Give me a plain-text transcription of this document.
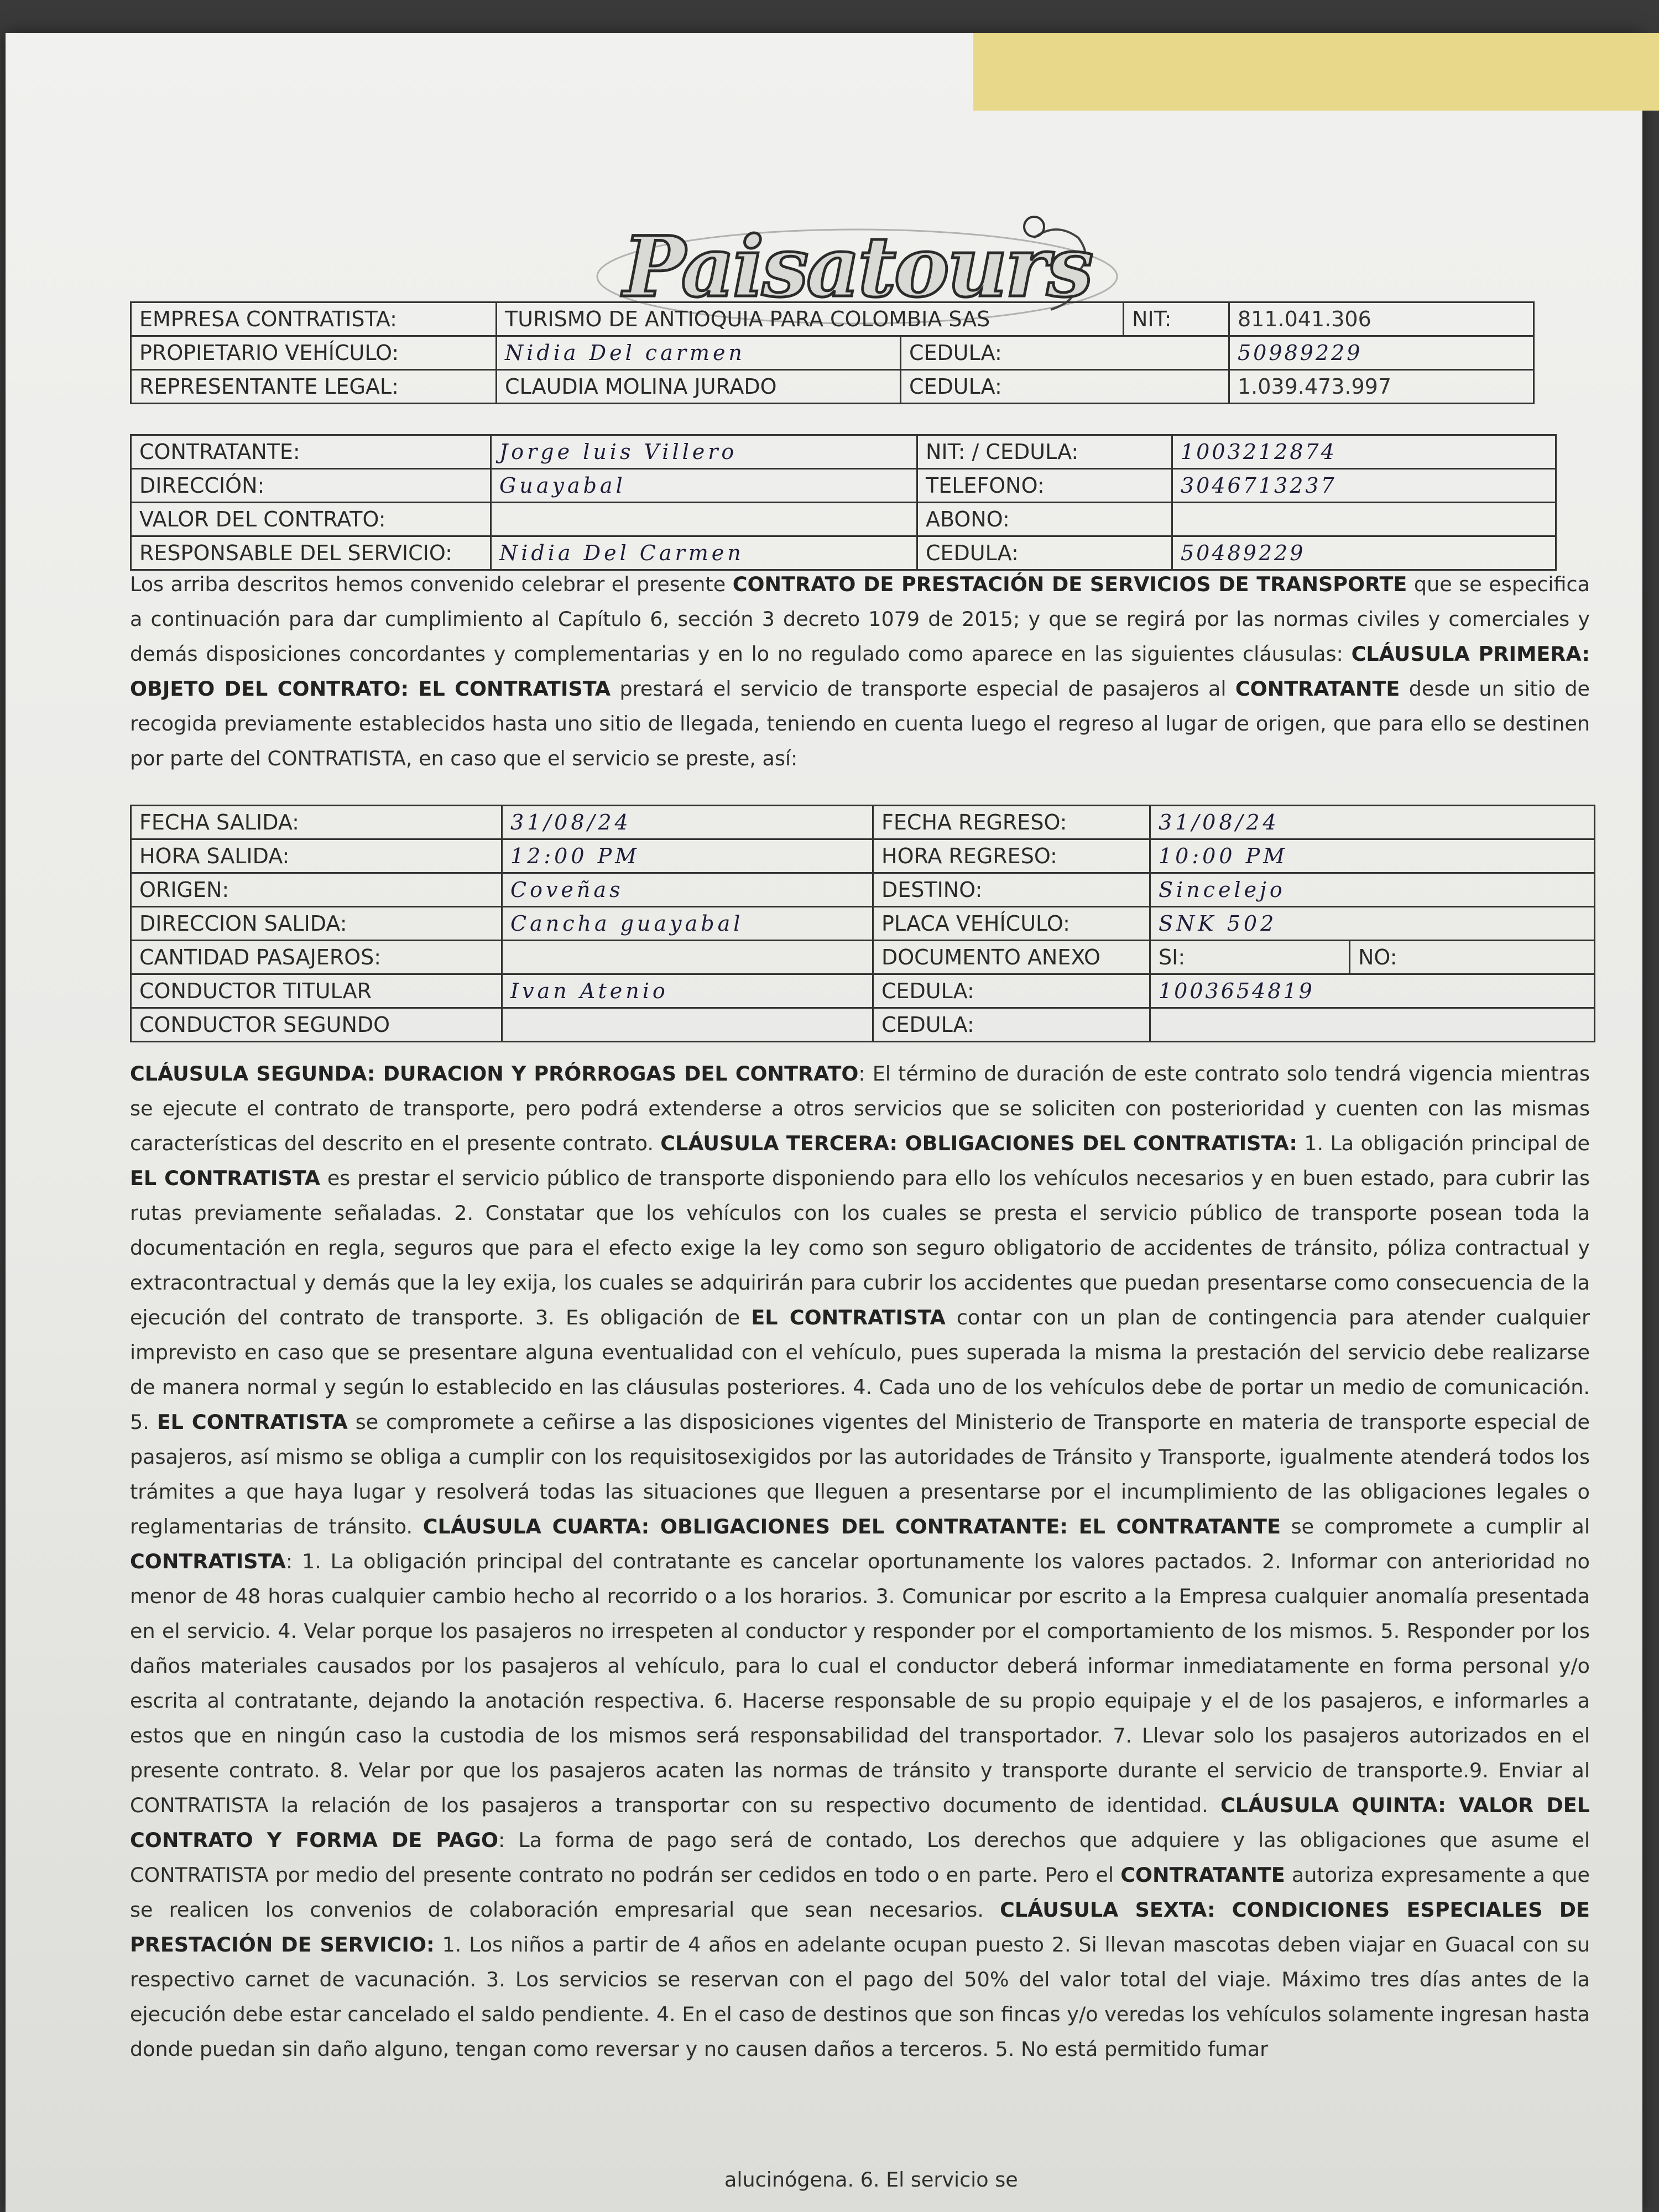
Paisatours
EMPRESA CONTRATISTA:	TURISMO DE ANTIOQUIA PARA COLOMBIA SAS		NIT:	811.041.306
PROPIETARIO VEHÍCULO:	Nidia Del carmen	CEDULA:		50989229
REPRESENTANTE LEGAL:	CLAUDIA MOLINA JURADO	CEDULA:		1.039.473.997
CONTRATANTE:	Jorge luis Villero	NIT: / CEDULA:	1003212874
DIRECCIÓN:	Guayabal	TELEFONO:	3046713237
VALOR DEL CONTRATO:		ABONO:	
RESPONSABLE DEL SERVICIO:	Nidia Del Carmen	CEDULA:	50489229

Los arriba descritos hemos convenido celebrar el presente CONTRATO DE PRESTACIÓN DE SERVICIOS DE TRANSPORTE que se especifica a continuación para dar cumplimiento al Capítulo 6, sección 3 decreto 1079 de 2015; y que se regirá por las normas civiles y comerciales y demás disposiciones concordantes y complementarias y en lo no regulado como aparece en las siguientes cláusulas: CLÁUSULA PRIMERA: OBJETO DEL CONTRATO: EL CONTRATISTA prestará el servicio de transporte especial de pasajeros al CONTRATANTE desde un sitio de recogida previamente establecidos hasta uno sitio de llegada, teniendo en cuenta luego el regreso al lugar de origen, que para ello se destinen por parte del CONTRATISTA, en caso que el servicio se preste, así:

FECHA SALIDA:	31/08/24	FECHA REGRESO:	31/08/24	
HORA SALIDA:	12:00 PM	HORA REGRESO:	10:00 PM	
ORIGEN:	Coveñas	DESTINO:	Sincelejo	
DIRECCION SALIDA:	Cancha guayabal	PLACA VEHÍCULO:	SNK 502	
CANTIDAD PASAJEROS:		DOCUMENTO ANEXO	SI:	NO:
CONDUCTOR TITULAR	Ivan Atenio	CEDULA:	1003654819	
CONDUCTOR SEGUNDO		CEDULA:		

CLÁUSULA SEGUNDA: DURACION Y PRÓRROGAS DEL CONTRATO: El término de duración de este contrato solo tendrá vigencia mientras se ejecute el contrato de transporte, pero podrá extenderse a otros servicios que se soliciten con posterioridad y cuenten con las mismas características del descrito en el presente contrato. CLÁUSULA TERCERA: OBLIGACIONES DEL CONTRATISTA: 1. La obligación principal de EL CONTRATISTA es prestar el servicio público de transporte disponiendo para ello los vehículos necesarios y en buen estado, para cubrir las rutas previamente señaladas. 2. Constatar que los vehículos con los cuales se presta el servicio público de transporte posean toda la documentación en regla, seguros que para el efecto exige la ley como son seguro obligatorio de accidentes de tránsito, póliza contractual y extracontractual y demás que la ley exija, los cuales se adquirirán para cubrir los accidentes que puedan presentarse como consecuencia de la ejecución del contrato de transporte. 3. Es obligación de EL CONTRATISTA contar con un plan de contingencia para atender cualquier imprevisto en caso que se presentare alguna eventualidad con el vehículo, pues superada la misma la prestación del servicio debe realizarse de manera normal y según lo establecido en las cláusulas posteriores. 4. Cada uno de los vehículos debe de portar un medio de comunicación. 5. EL CONTRATISTA se compromete a ceñirse a las disposiciones vigentes del Ministerio de Transporte en materia de transporte especial de pasajeros, así mismo se obliga a cumplir con los requisitosexigidos por las autoridades de Tránsito y Transporte, igualmente atenderá todos los trámites a que haya lugar y resolverá todas las situaciones que lleguen a presentarse por el incumplimiento de las obligaciones legales o reglamentarias de tránsito. CLÁUSULA CUARTA: OBLIGACIONES DEL CONTRATANTE: EL CONTRATANTE se compromete a cumplir al CONTRATISTA: 1. La obligación principal del contratante es cancelar oportunamente los valores pactados. 2. Informar con anterioridad no menor de 48 horas cualquier cambio hecho al recorrido o a los horarios. 3. Comunicar por escrito a la Empresa cualquier anomalía presentada en el servicio. 4. Velar porque los pasajeros no irrespeten al conductor y responder por el comportamiento de los mismos. 5. Responder por los daños materiales causados por los pasajeros al vehículo, para lo cual el conductor deberá informar inmediatamente en forma personal y/o escrita al contratante, dejando la anotación respectiva. 6. Hacerse responsable de su propio equipaje y el de los pasajeros, e informarles a estos que en ningún caso la custodia de los mismos será responsabilidad del transportador. 7. Llevar solo los pasajeros autorizados en el presente contrato. 8. Velar por que los pasajeros acaten las normas de tránsito y transporte durante el servicio de transporte.9. Enviar al CONTRATISTA la relación de los pasajeros a transportar con su respectivo documento de identidad. CLÁUSULA QUINTA: VALOR DEL CONTRATO Y FORMA DE PAGO: La forma de pago será de contado, Los derechos que adquiere y las obligaciones que asume el CONTRATISTA por medio del presente contrato no podrán ser cedidos en todo o en parte. Pero el CONTRATANTE autoriza expresamente a que se realicen los convenios de colaboración empresarial que sean necesarios. CLÁUSULA SEXTA: CONDICIONES ESPECIALES DE PRESTACIÓN DE SERVICIO: 1. Los niños a partir de 4 años en adelante ocupan puesto 2. Si llevan mascotas deben viajar en Guacal con su respectivo carnet de vacunación. 3. Los servicios se reservan con el pago del 50% del valor total del viaje. Máximo tres días antes de la ejecución debe estar cancelado el saldo pendiente. 4. En el caso de destinos que son fincas y/o veredas los vehículos solamente ingresan hasta donde puedan sin daño alguno, tengan como reversar y no causen daños a terceros. 5. No está permitido fumar

alucinógena. 6. El servicio se
